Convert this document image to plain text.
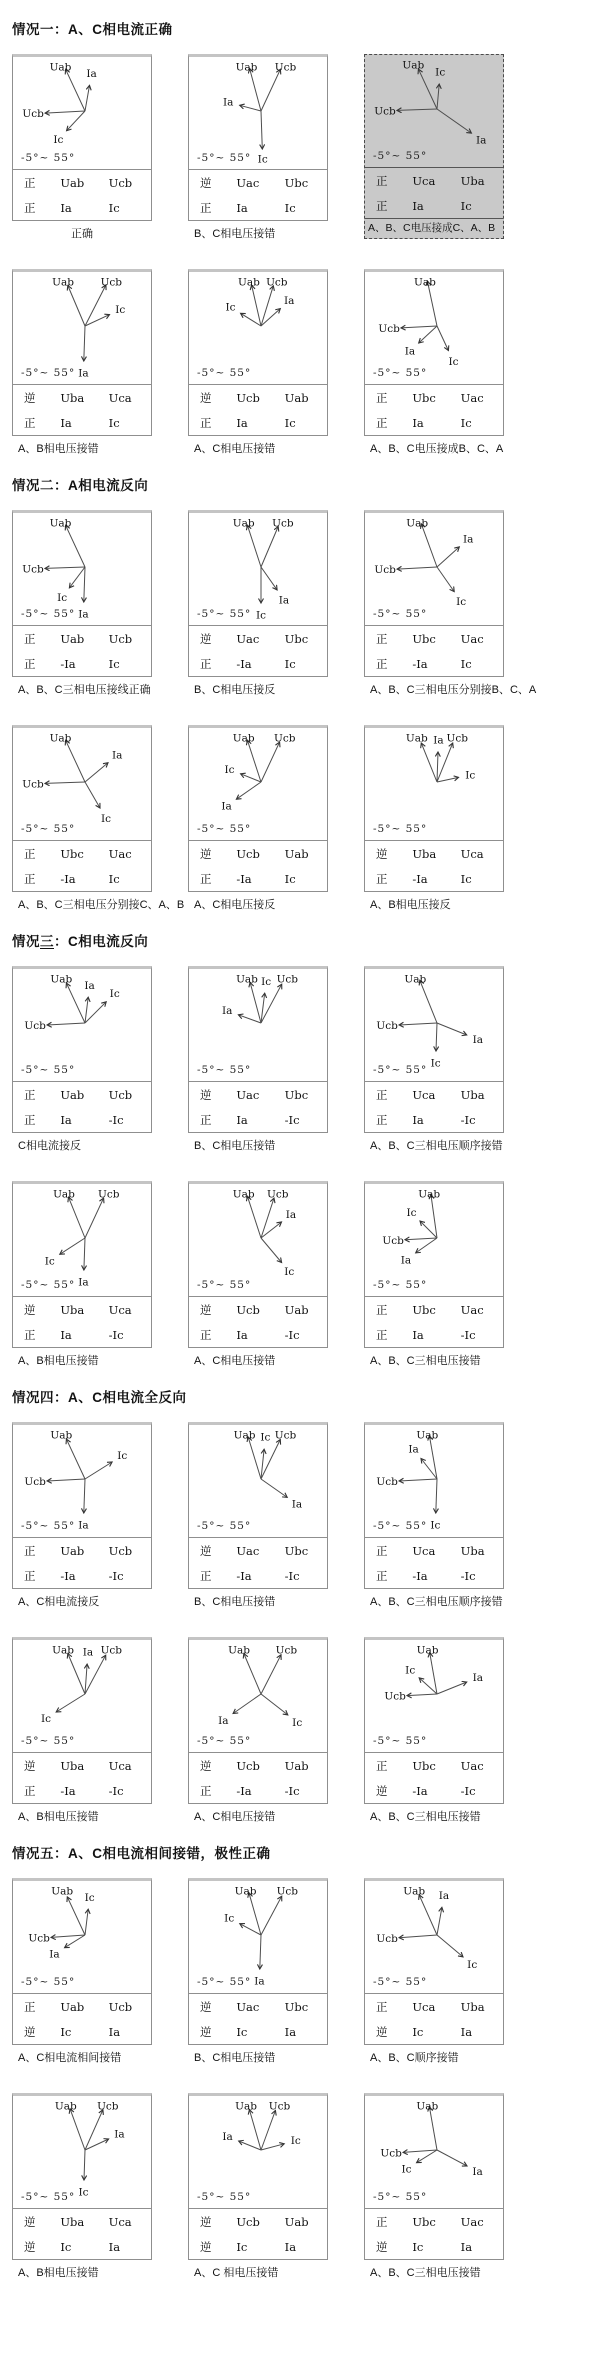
情况一：A、C相电流正确
Uab
Ia
Ucb
Ic
-5°~ 55°
正	Uab	Ucb
正	Ia	Ic
正确
Uab Ucb
Ia
Ic
-5°~ 55°
逆	Uac	Ubc
正	Ia	Ic
B、C相电压接错
Uab
Ic
Ucb
Ia
-5°~ 55°
正	Uca	Uba
正	Ia	Ic
A、B、C电压接成C、A、B
Uab	Ucb
Ic
Ia
-5°~ 55°
逆	Uba	Uca
正	Ia	Ic
A、B相电压接错
Uab Ucb
Ic
Ia
-5°~ 55°
逆	Ucb	Uab
正	Ia	Ic
A、C相电压接错
Uab
Ucb
Ia
Ic
-5°~ 55°
正	Ubc	Uac
正	Ia	Ic
A、B、C电压接成B、C、A
情况二：A相电流反向
Uab
Ucb
Ic
Ia
-5°~ 55°
正	Uab	Ucb
正	-Ia	Ic
A、B、C三相电压接线正确
Uab Ucb
Ic
Ia
-5°~ 55°
逆	Uac	Ubc
正	-Ia	Ic
B、C相电压接反
Uab
Ia
Ucb
Ic
-5°~ 55°
正	Ubc	Uac
正	-Ia	Ic
A、B、C三相电压分别接B、C、A
Uab
Ia
Ucb
Ic
-5°~ 55°
正	Ubc	Uac
正	-Ia	Ic
A、B、C三相电压分别接C、A、B
Uab Ucb
Ic
Ia
-5°~ 55°
逆	Ucb	Uab
正	-Ia	Ic
A、C相电压接反
Uab Ia Ucb
Ic
-5°~ 55°
逆	Uba	Uca
正	-Ia	Ic
A、B相电压接反
情况三：C相电流反向
Uab
Ia
Ic
Ucb
-5°~ 55°
正	Uab	Ucb
正	Ia	-Ic
C相电流接反
Uab Ic Ucb
Ia
-5°~ 55°
逆	Uac	Ubc
正	Ia	-Ic
B、C相电压接错
Uab
Ucb
Ia
Ic
-5°~ 55°
正	Uca	Uba
正	Ia	-Ic
A、B、C三相电压顺序接错
Uab Ucb
Ic
Ia
-5°~ 55°
逆	Uba	Uca
正	Ia	-Ic
A、B相电压接错
Uab Ucb
Ia
Ic
-5°~ 55°
逆	Ucb	Uab
正	Ia	-Ic
A、C相电压接错
Uab
Ic
Ucb
Ia
-5°~ 55°
正	Ubc	Uac
正	Ia	-Ic
A、B、C三相电压接错
情况四：A、C相电流全反向
Uab
Ic
Ucb
Ia
-5°~ 55°
正	Uab	Ucb
正	-Ia	-Ic
A、C相电流接反
Uab Ic Ucb
Ia
-5°~ 55°
逆	Uac	Ubc
正	-Ia	-Ic
B、C相电压接错
Uab
Ia
Ucb
Ic
-5°~ 55°
正	Uca	Uba
正	-Ia	-Ic
A、B、C三相电压顺序接错
Uab Ia Ucb
Ic
-5°~ 55°
逆	Uba	Uca
正	-Ia	-Ic
A、B相电压接错
Uab Ucb
Ia	Ic
-5°~ 55°
逆	Ucb	Uab
正	-Ia	-Ic
A、C相电压接错
Uab
Ic
Ia
Ucb
-5°~ 55°
正	Ubc	Uac
逆	-Ia	-Ic
A、B、C三相电压接错
情况五：A、C相电流相间接错，极性正确
Uab
Ic
Ucb
Ia
-5°~ 55°
正	Uab	Ucb
逆	Ic	Ia
A、C相电流相间接错
Uab Ucb
Ic
Ia
-5°~ 55°
逆	Uac	Ubc
逆	Ic	Ia
B、C相电压接错
Uab Ia
Ucb
Ic
-5°~ 55°
正	Uca	Uba
逆	Ic	Ia
A、B、C顺序接错
Uab Ucb
Ia
Ic
-5°~ 55°
逆	Uba	Uca
逆	Ic	Ia
A、B相电压接错
Uab Ucb
Ia	Ic
-5°~ 55°
逆	Ucb	Uab
逆	Ic	Ia
A、C 相电压接错
Uab
Ucb
Ic	Ia
-5°~ 55°
正	Ubc	Uac
逆	Ic	Ia
A、B、C三相电压接错
